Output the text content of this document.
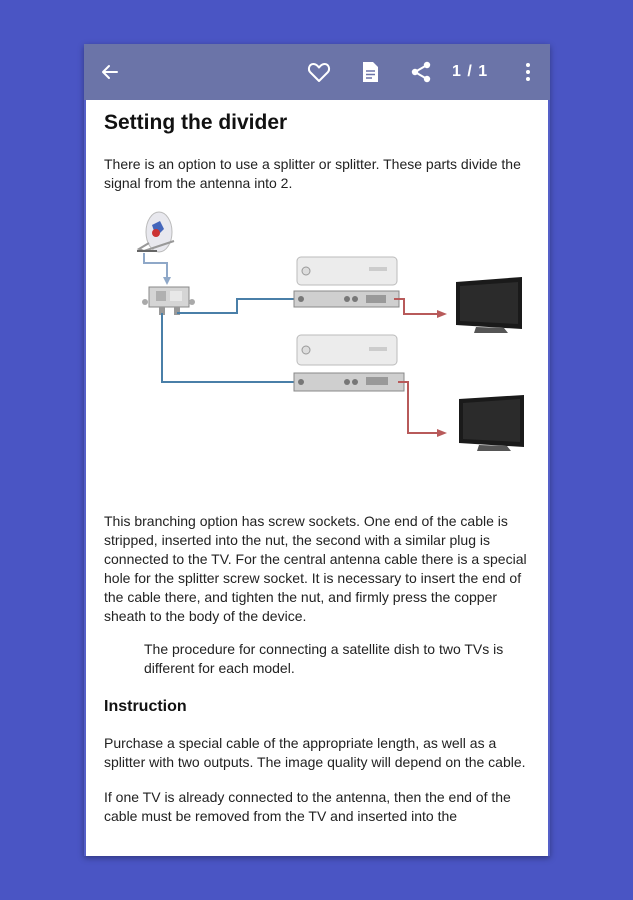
1 / 1
Setting the divider

There is an option to use a splitter or splitter. These parts divide the signal from the antenna into 2.

This branching option has screw sockets. One end of the cable is stripped, inserted into the nut, the second with a similar plug is connected to the TV. For the central antenna cable there is a special hole for the splitter screw socket. It is necessary to insert the end of the cable there, and tighten the nut, and firmly press the copper sheath to the body of the device.

The procedure for connecting a satellite dish to two TVs is different for each model.
Instruction

Purchase a special cable of the appropriate length, as well as a splitter with two outputs. The image quality will depend on the cable.

If one TV is already connected to the antenna, then the end of the cable must be removed from the TV and inserted into the
